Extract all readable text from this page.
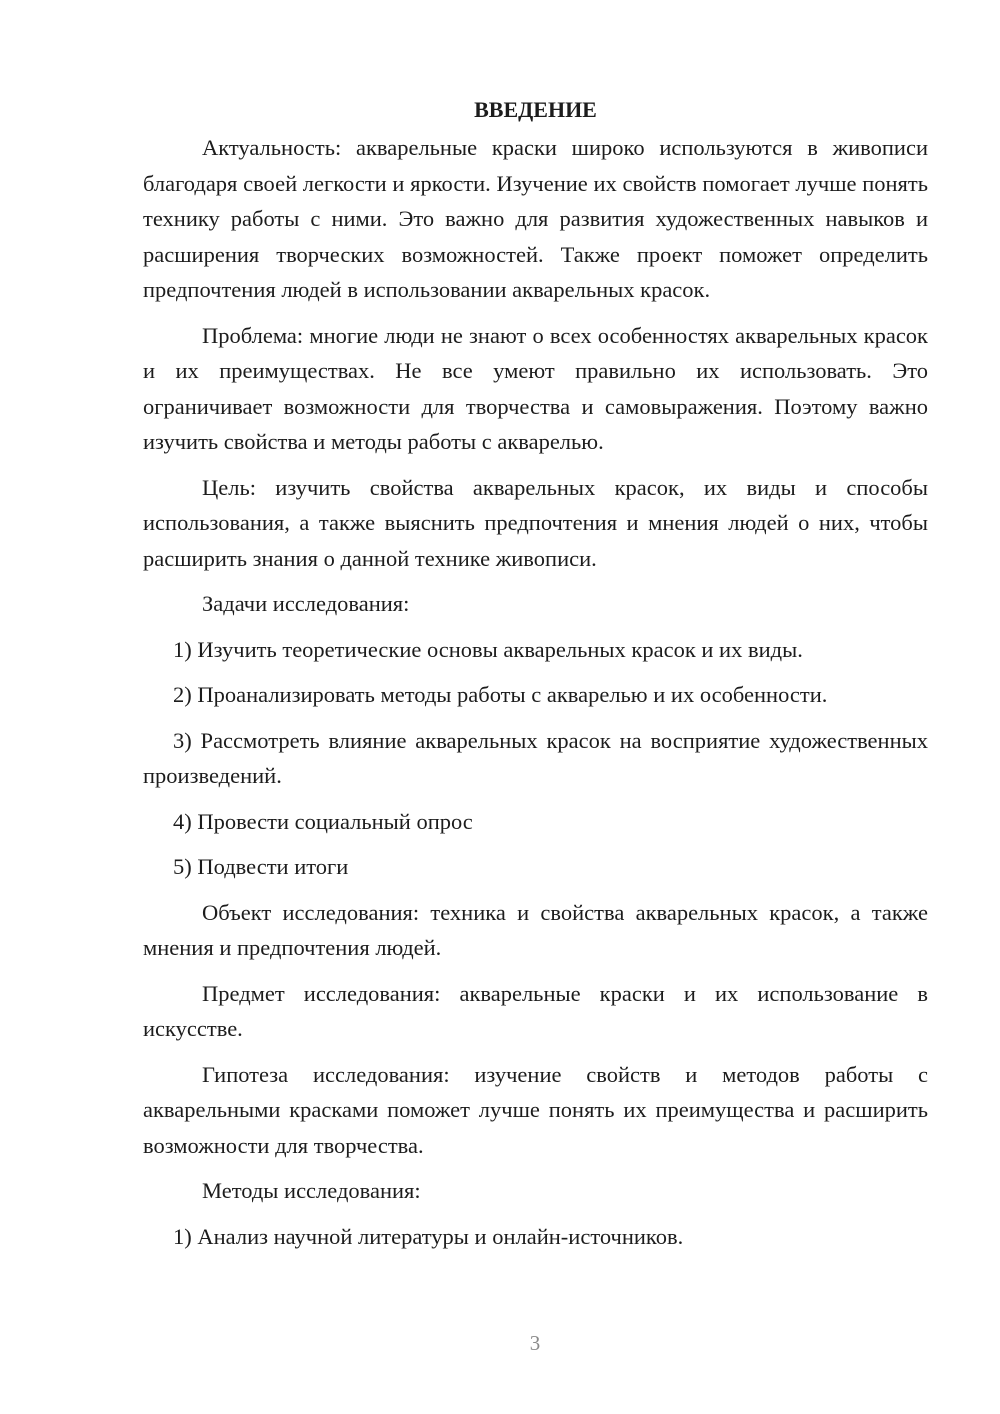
ВВЕДЕНИЕ

Актуальность: акварельные краски широко используются в живописи благодаря своей легкости и яркости. Изучение их свойств помогает лучше понять технику работы с ними. Это важно для развития художественных навыков и расширения творческих возможностей. Также проект поможет определить предпочтения людей в использовании акварельных красок.

Проблема: многие люди не знают о всех особенностях акварельных красок и их преимуществах. Не все умеют правильно их использовать. Это ограничивает возможности для творчества и самовыражения. Поэтому важно изучить свойства и методы работы с акварелью.

Цель: изучить свойства акварельных красок, их виды и способы использования, а также выяснить предпочтения и мнения людей о них, чтобы расширить знания о данной технике живописи.

Задачи исследования:

1) Изучить теоретические основы акварельных красок и их виды.

2) Проанализировать методы работы с акварелью и их особенности.

3) Рассмотреть влияние акварельных красок на восприятие художественных произведений.

4) Провести социальный опрос

5) Подвести итоги

Объект исследования: техника и свойства акварельных красок, а также мнения и предпочтения людей.

Предмет исследования: акварельные краски и их использование в искусстве.

Гипотеза исследования: изучение свойств и методов работы с акварельными красками поможет лучше понять их преимущества и расширить возможности для творчества.

Методы исследования:

1) Анализ научной литературы и онлайн-источников.

3
